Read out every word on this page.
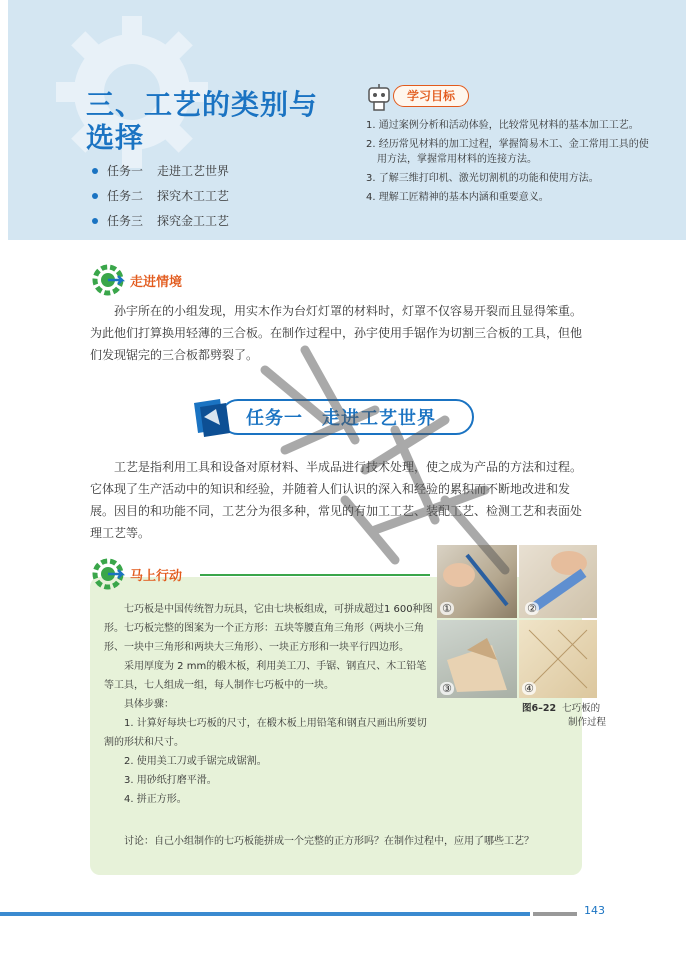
三、工艺的类别与
选择
任务一	走进工艺世界
任务二	探究木工工艺
任务三	探究金工工艺
学习目标
1. 通过案例分析和活动体验，比较常见材料的基本加工工艺。
2. 经历常见材料的加工过程，掌握简易木工、金工常用工具的使用方法，掌握常用材料的连接方法。
3. 了解三维打印机、激光切割机的功能和使用方法。
4. 理解工匠精神的基本内涵和重要意义。
走进情境

孙宇所在的小组发现，用实木作为台灯灯罩的材料时，灯罩不仅容易开裂而且显得笨重。为此他们打算换用轻薄的三合板。在制作过程中，孙宇使用手锯作为切割三合板的工具，但他们发现锯完的三合板都劈裂了。

任务一　走进工艺世界

工艺是指利用工具和设备对原材料、半成品进行技术处理，使之成为产品的方法和过程。它体现了生产活动中的知识和经验，并随着人们认识的深入和经验的累积而不断地改进和发展。因目的和功能不同，工艺分为很多种，常见的有加工工艺、装配工艺、检测工艺和表面处理工艺等。

马上行动

七巧板是中国传统智力玩具，它由七块板组成，可拼成超过1 600种图形。七巧板完整的图案为一个正方形：五块等腰直角三角形（两块小三角形、一块中三角形和两块大三角形）、一块正方形和一块平行四边形。

采用厚度为 2 mm的椴木板，利用美工刀、手锯、钢直尺、木工铅笔等工具，七人组成一组，每人制作七巧板中的一块。

具体步骤：

1. 计算好每块七巧板的尺寸，在椴木板上用铅笔和钢直尺画出所要切割的形状和尺寸。

2. 使用美工刀或手锯完成锯割。

3. 用砂纸打磨平滑。

4. 拼正方形。

讨论：自己小组制作的七巧板能拼成一个完整的正方形吗？在制作过程中，应用了哪些工艺？

①	②
③	④
图6–22 七巧板的
制作过程
143
